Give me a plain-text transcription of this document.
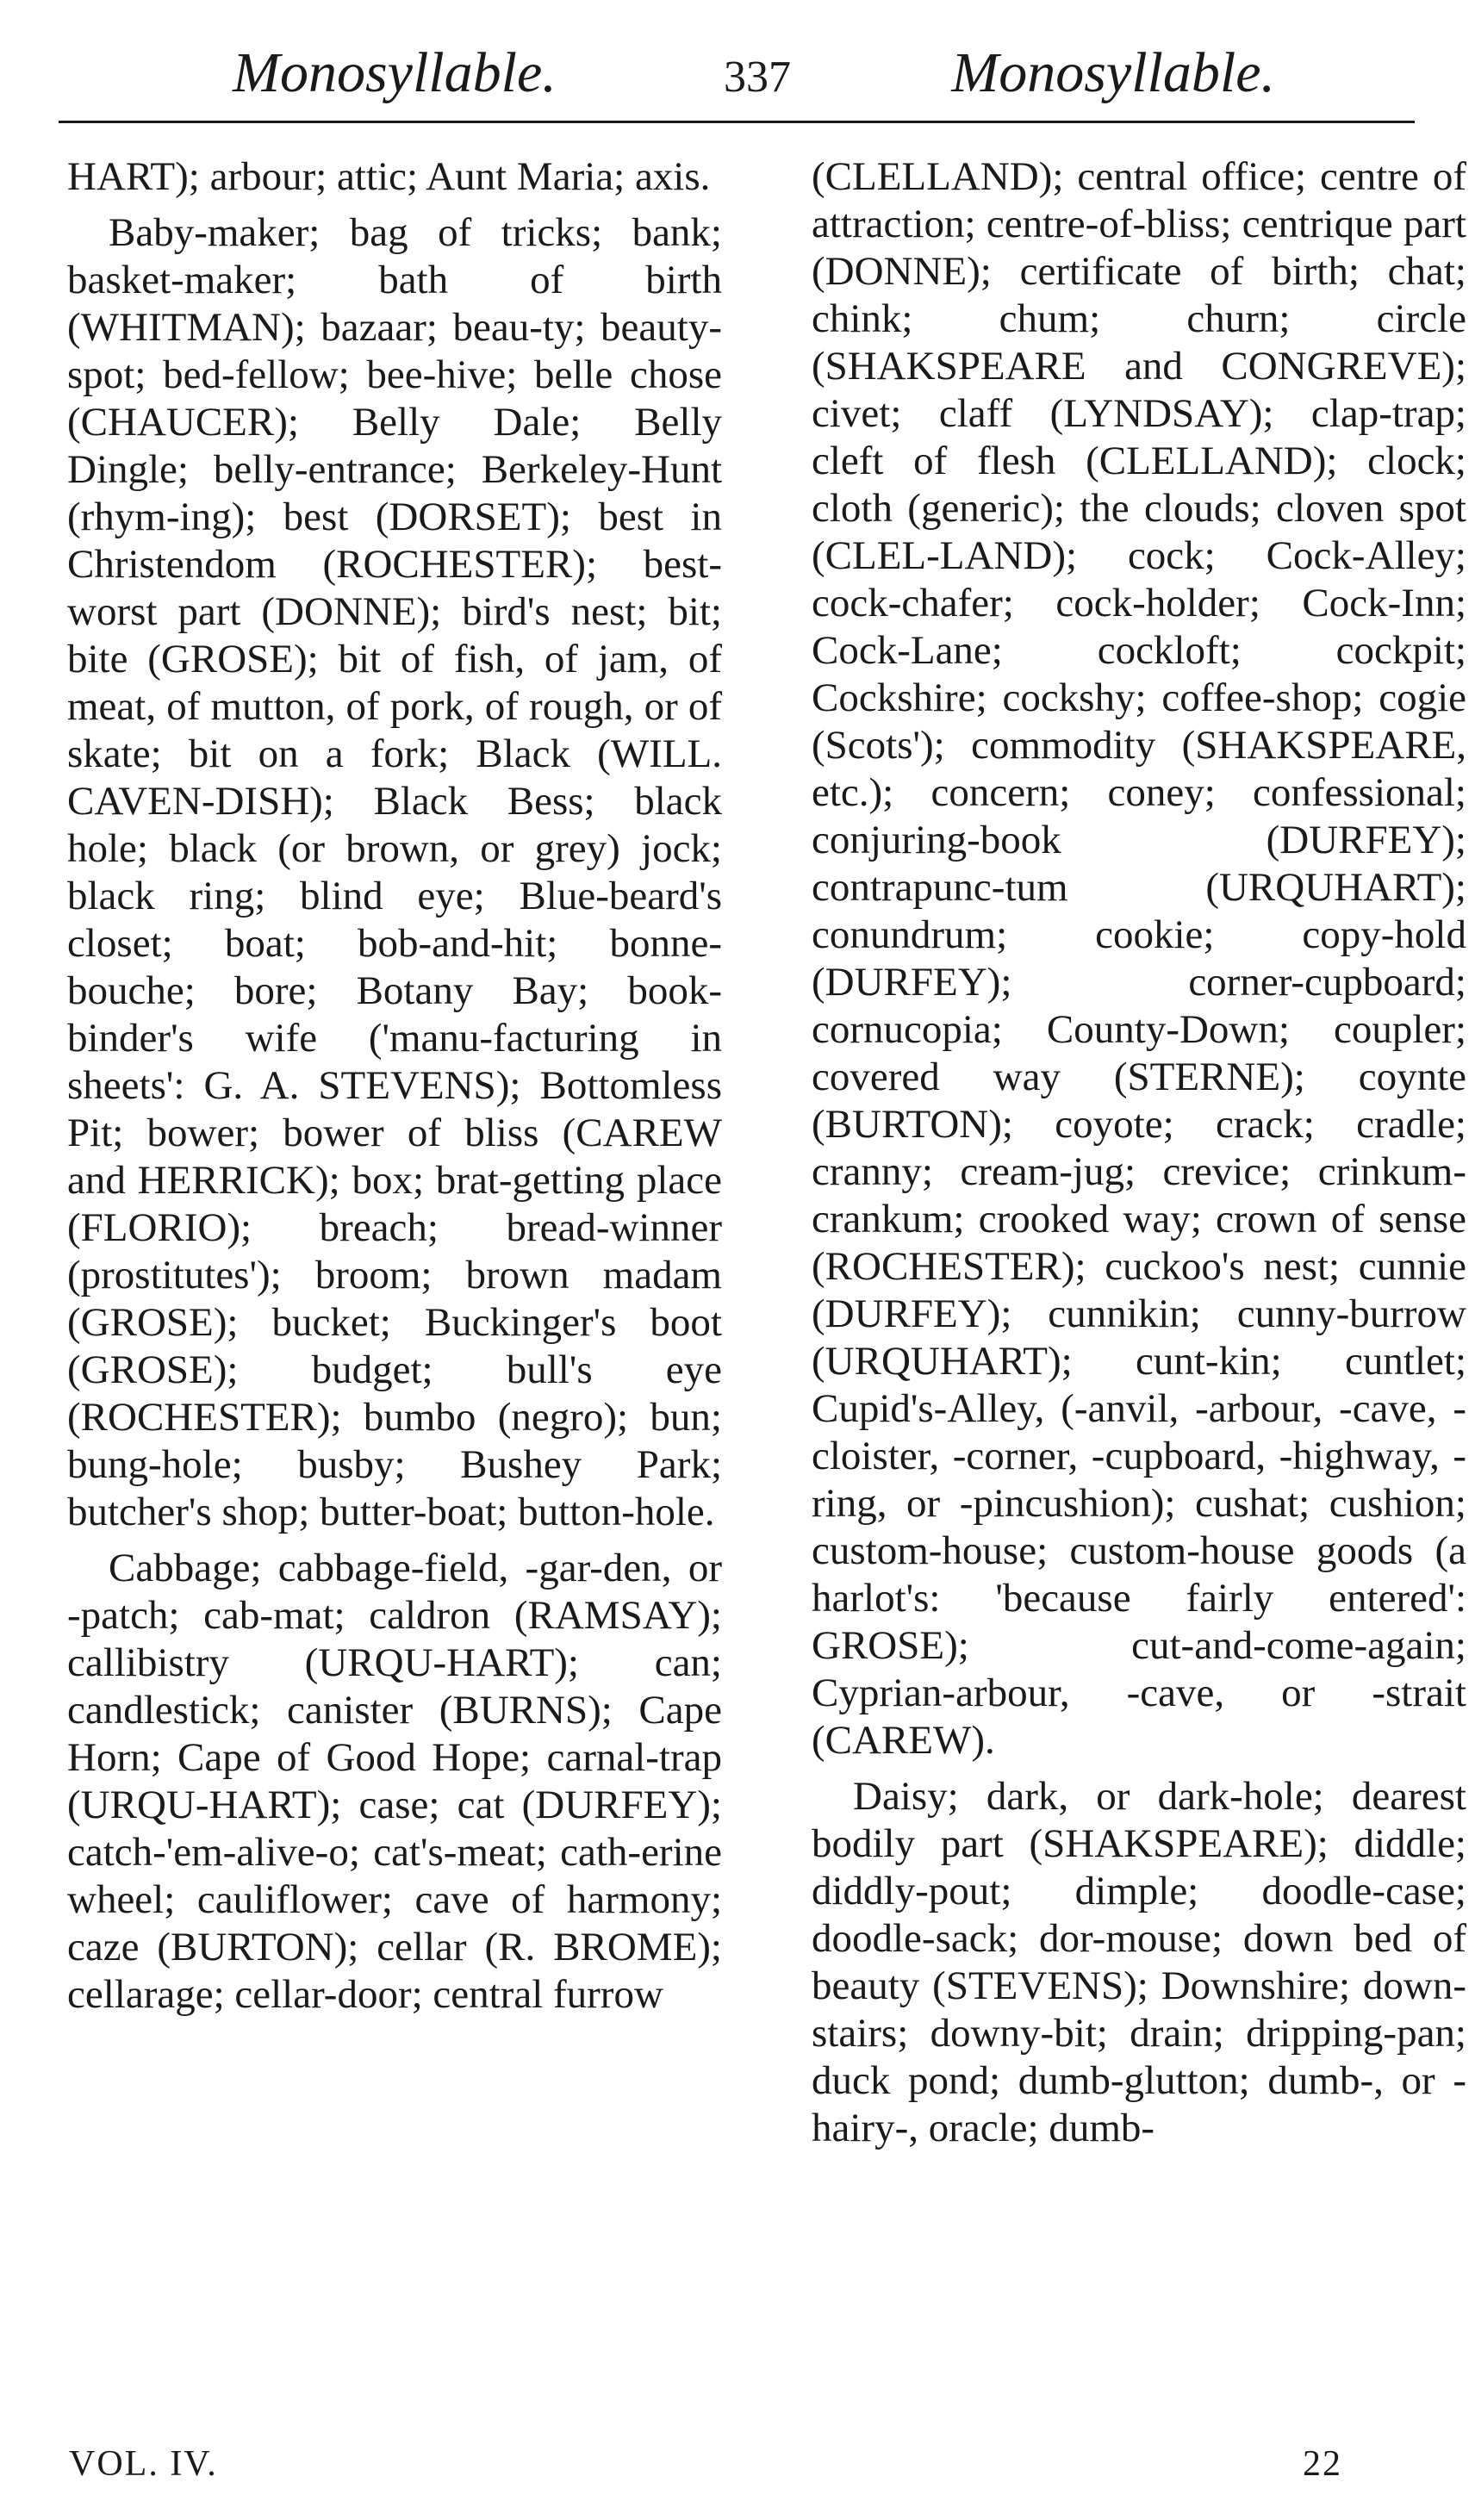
Monosyllable.	337	Monosyllable.

HART); arbour; attic; Aunt Maria; axis.

Baby-maker; bag of tricks; bank; basket-maker; bath of birth (WHITMAN); bazaar; beau-ty; beauty-spot; bed-fellow; bee-hive; belle chose (CHAUCER); Belly Dale; Belly Dingle; belly-entrance; Berkeley-Hunt (rhym-ing); best (DORSET); best in Christendom (ROCHESTER); best-worst part (DONNE); bird's nest; bit; bite (GROSE); bit of fish, of jam, of meat, of mutton, of pork, of rough, or of skate; bit on a fork; Black (WILL. CAVEN-DISH); Black Bess; black hole; black (or brown, or grey) jock; black ring; blind eye; Blue-beard's closet; boat; bob-and-hit; bonne-bouche; bore; Botany Bay; book-binder's wife ('manu-facturing in sheets': G. A. STEVENS); Bottomless Pit; bower; bower of bliss (CAREW and HERRICK); box; brat-getting place (FLORIO); breach; bread-winner (prostitutes'); broom; brown madam (GROSE); bucket; Buckinger's boot (GROSE); budget; bull's eye (ROCHESTER); bumbo (negro); bun; bung-hole; busby; Bushey Park; butcher's shop; butter-boat; button-hole.

Cabbage; cabbage-field, -gar-den, or -patch; cab-mat; caldron (RAMSAY); callibistry (URQU-HART); can; candlestick; canister (BURNS); Cape Horn; Cape of Good Hope; carnal-trap (URQU-HART); case; cat (DURFEY); catch-'em-alive-o; cat's-meat; cath-erine wheel; cauliflower; cave of harmony; caze (BURTON); cellar (R. BROME); cellarage; cellar-door; central furrow

(CLELLAND); central office; centre of attraction; centre-of-bliss; centrique part (DONNE); certificate of birth; chat; chink; chum; churn; circle (SHAKSPEARE and CONGREVE); civet; claff (LYNDSAY); clap-trap; cleft of flesh (CLELLAND); clock; cloth (generic); the clouds; cloven spot (CLEL-LAND); cock; Cock-Alley; cock-chafer; cock-holder; Cock-Inn; Cock-Lane; cockloft; cockpit; Cockshire; cockshy; coffee-shop; cogie (Scots'); commodity (SHAKSPEARE, etc.); concern; coney; confessional; conjuring-book (DURFEY); contrapunc-tum (URQUHART); conundrum; cookie; copy-hold (DURFEY); corner-cupboard; cornucopia; County-Down; coupler; covered way (STERNE); coynte (BURTON); coyote; crack; cradle; cranny; cream-jug; crevice; crinkum-crankum; crooked way; crown of sense (ROCHESTER); cuckoo's nest; cunnie (DURFEY); cunnikin; cunny-burrow (URQUHART); cunt-kin; cuntlet; Cupid's-Alley, (-anvil, -arbour, -cave, -cloister, -corner, -cupboard, -highway, -ring, or -pincushion); cushat; cushion; custom-house; custom-house goods (a harlot's: 'because fairly entered': GROSE); cut-and-come-again; Cyprian-arbour, -cave, or -strait (CAREW).

Daisy; dark, or dark-hole; dearest bodily part (SHAKSPEARE); diddle; diddly-pout; dimple; doodle-case; doodle-sack; dor-mouse; down bed of beauty (STEVENS); Downshire; down-stairs; downy-bit; drain; dripping-pan; duck pond; dumb-glutton; dumb-, or -hairy-, oracle; dumb-

VOL. IV.	22
